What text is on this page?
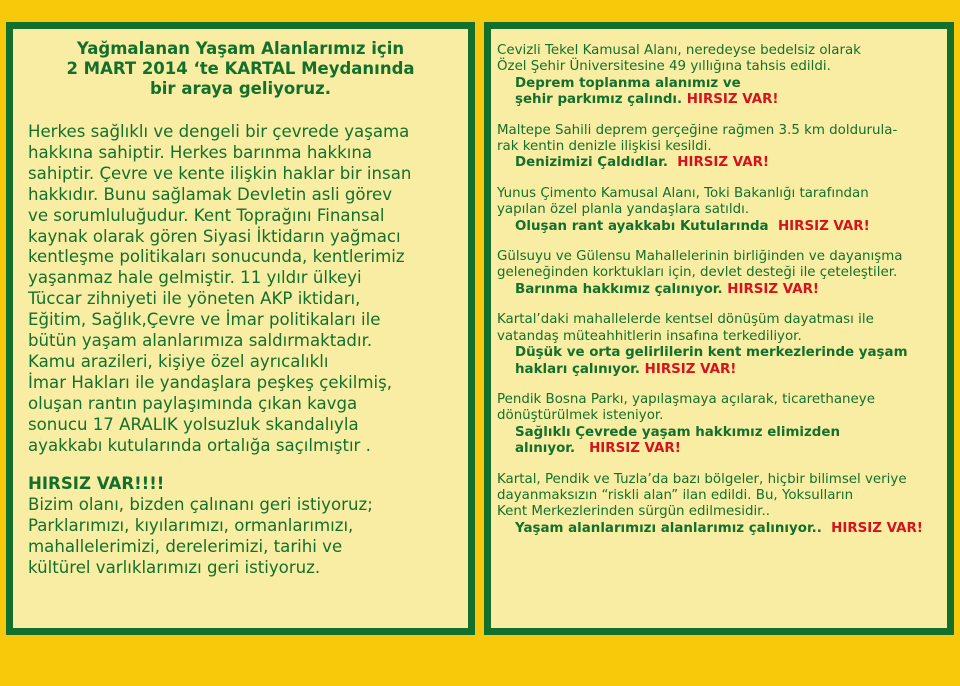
Yağmalanan Yaşam Alanlarımız için
2 MART 2014 ‘te KARTAL Meydanında
bir araya geliyoruz.
Herkes sağlıklı ve dengeli bir çevrede yaşama
hakkına sahiptir. Herkes barınma hakkına
sahiptir. Çevre ve kente ilişkin haklar bir insan
hakkıdır. Bunu sağlamak Devletin asli görev
ve sorumluluğudur. Kent Toprağını Finansal
kaynak olarak gören Siyasi İktidarın yağmacı
kentleşme politikaları sonucunda, kentlerimiz
yaşanmaz hale gelmiştir. 11 yıldır ülkeyi
Tüccar zihniyeti ile yöneten AKP iktidarı,
Eğitim, Sağlık,Çevre ve İmar politikaları ile
bütün yaşam alanlarımıza saldırmaktadır.
Kamu arazileri, kişiye özel ayrıcalıklı
İmar Hakları ile yandaşlara peşkeş çekilmiş,
oluşan rantın paylaşımında çıkan kavga
sonucu 17 ARALIK yolsuzluk skandalıyla
ayakkabı kutularında ortalığa saçılmıştır .
HIRSIZ VAR!!!!
Bizim olanı, bizden çalınanı geri istiyoruz;
Parklarımızı, kıyılarımızı, ormanlarımızı,
mahallelerimizi, derelerimizi, tarihi ve
kültürel varlıklarımızı geri istiyoruz.
Cevizli Tekel Kamusal Alanı, neredeyse bedelsiz olarak
Özel Şehir Üniversitesine 49 yıllığına tahsis edildi.
Deprem toplanma alanımız ve
şehir parkımız çalındı. HIRSIZ VAR!
Maltepe Sahili deprem gerçeğine rağmen 3.5 km doldurula-
rak kentin denizle ilişkisi kesildi.
Denizimizi Çaldıdlar. HIRSIZ VAR!
Yunus Çimento Kamusal Alanı, Toki Bakanlığı tarafından
yapılan özel planla yandaşlara satıldı.
Oluşan rant ayakkabı Kutularında HIRSIZ VAR!
Gülsuyu ve Gülensu Mahallelerinin birliğinden ve dayanışma
geleneğinden korktukları için, devlet desteği ile çeteleştiler.
Barınma hakkımız çalınıyor. HIRSIZ VAR!
Kartal’daki mahallelerde kentsel dönüşüm dayatması ile
vatandaş müteahhitlerin insafına terkediliyor.
Düşük ve orta gelirlilerin kent merkezlerinde yaşam
hakları çalınıyor. HIRSIZ VAR!
Pendik Bosna Parkı, yapılaşmaya açılarak, ticarethaneye
dönüştürülmek isteniyor.
Sağlıklı Çevrede yaşam hakkımız elimizden
alınıyor. HIRSIZ VAR!
Kartal, Pendik ve Tuzla’da bazı bölgeler, hiçbir bilimsel veriye
dayanmaksızın “riskli alan” ilan edildi. Bu, Yoksulların
Kent Merkezlerinden sürgün edilmesidir..
Yaşam alanlarımızı alanlarımız çalınıyor.. HIRSIZ VAR!
